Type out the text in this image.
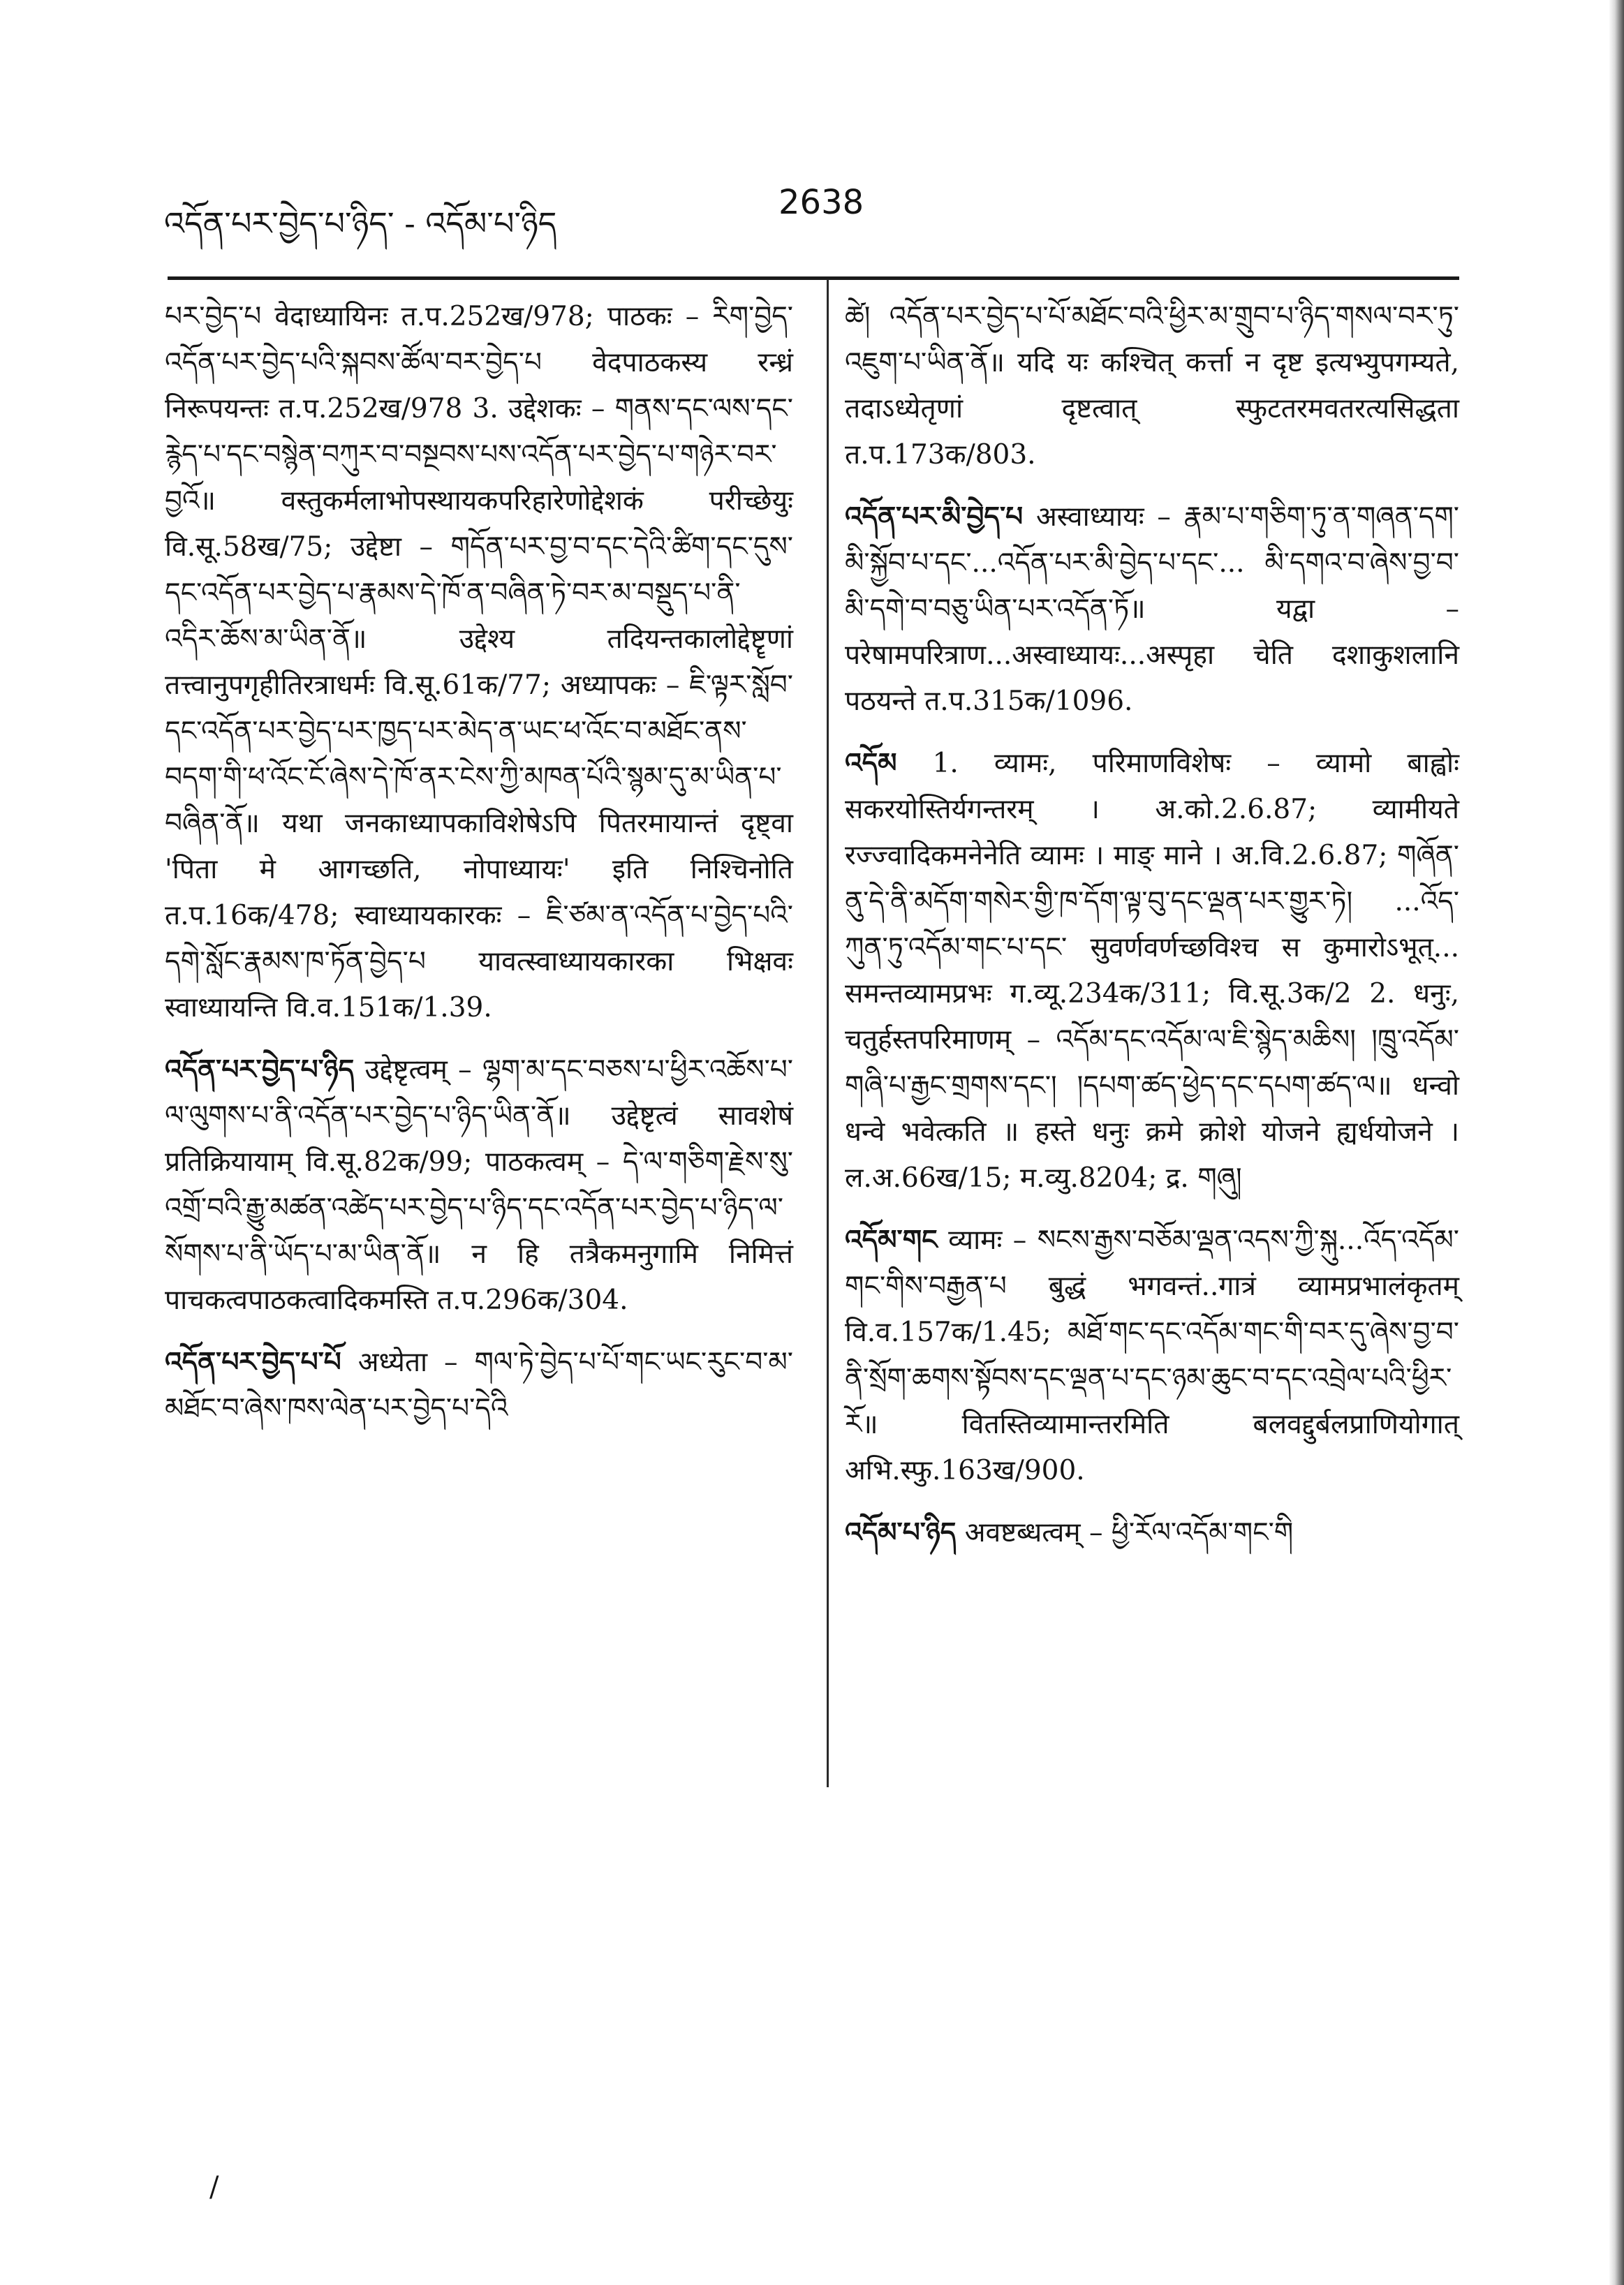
འདོན་པར་བྱེད་པ་ཉིད་ - འདོམ་པ་ཉིད
2638

པར་བྱེད་པ वेदाध्यायिनः त.प.252ख/978; पाठकः – རིག་བྱེད་འདོན་པར་བྱེད་པའི་སྐབས་ཚོལ་བར་བྱེད་པ वेदपाठकस्य रन्ध्रं निरूपयन्तः त.प.252ख/978 3. उद्देशकः – གནས་དང་ལས་དང་རྙེད་པ་དང་བསྙེན་བཀུར་བ་བསྔབས་པས་འདོན་པར་བྱེད་པ་གཉེར་བར་བྱའོ॥ वस्तुकर्मलाभोपस्थायकपरिहारेणोद्देशकं परीच्छेयुः वि.सू.58ख/75; उद्देष्टा – གདོན་པར་བྱ་བ་དང་དེའི་ཚིག་དང་དུས་དང་འདོན་པར་བྱེད་པ་རྣམས་དེ་ཁོ་ན་བཞིན་ཏེ་བར་མ་བསྡུད་པ་ནི་འདིར་ཆོས་མ་ཡིན་ནོ॥ उद्देश्य तदियन्तकालोद्देष्टॄणां तत्त्वानुपगृहीतिरत्राधर्मः वि.सू.61क/77; अध्यापकः – ཇི་ལྟར་སློབ་དང་འདོན་པར་བྱེད་པར་ཁྱད་པར་མེད་ན་ཡང་ཕ་འོང་བ་མཐོང་ནས་བདག་གི་ཕ་འོང་ངོ་ཞེས་དེ་ཁོ་ནར་ངེས་ཀྱི་མཁན་པོའི་སྙམ་དུ་མ་ཡིན་པ་བཞིན་ནོ॥ यथा जनकाध्यापकाविशेषेऽपि पितरमायान्तं दृष्ट्वा 'पिता मे आगच्छति, नोपाध्यायः' इति निश्चिनोति त.प.16क/478; स्वाध्यायकारकः – ཇི་ཙམ་ན་འདོན་པ་བྱེད་པའི་དགེ་སློང་རྣམས་ཁ་ཏོན་བྱེད་པ यावत्स्वाध्यायकारका भिक्षवः स्वाध्यायन्ति वि.व.151क/1.39.

འདོན་པར་བྱེད་པ་ཉིད उद्देष्टृत्वम् – ལྷག་མ་དང་བཅས་པ་ཕྱིར་འཆོས་པ་ལ་ལུགས་པ་ནི་འདོན་པར་བྱེད་པ་ཉིད་ཡིན་ནོ॥ उद्देष्टृत्वं सावशेषं प्रतिक्रियायाम् वि.सू.82क/99; पाठकत्वम् – དེ་ལ་གཅིག་རྗེས་སུ་འགྲོ་བའི་རྒྱུ་མཚན་འཚེད་པར་བྱེད་པ་ཉིད་དང་འདོན་པར་བྱེད་པ་ཉིད་ལ་སོགས་པ་ནི་ཡོད་པ་མ་ཡིན་ནོ॥ न हि तत्रैकमनुगामि निमित्तं पाचकत्वपाठकत्वादिकमस्ति त.प.296क/304.

འདོན་པར་བྱེད་པ་པོ अध्येता – གལ་ཏེ་བྱེད་པ་པོ་གང་ཡང་རུང་བ་མ་མཐོང་བ་ཞེས་ཁས་ལེན་པར་བྱེད་པ་དེའི

ཚེ། འདོན་པར་བྱེད་པ་པོ་མཐོང་བའི་ཕྱིར་མ་གྲུབ་པ་ཉིད་གསལ་བར་ཏུ་འཇུག་པ་ཡིན་ནོ॥ यदि यः कश्चित् कर्त्ता न दृष्ट इत्यभ्युपगम्यते, तदाऽध्येतृणां दृष्टत्वात् स्फुटतरमवतरत्यसिद्धता त.प.173क/803.

འདོན་པར་མི་བྱེད་པ अस्वाध्यायः – རྣམ་པ་གཅིག་ཏུ་ན་གཞན་དག་མི་སྐྱོབ་པ་དང་...འདོན་པར་མི་བྱེད་པ་དང་... མི་དགའ་བ་ཞེས་བྱ་བ་མི་དགེ་བ་བཅུ་ཡིན་པར་འདོན་ཏོ॥ यद्वा – परेषामपरित्राण...अस्वाध्यायः...अस्पृहा चेति दशाकुशलानि पठयन्ते त.प.315क/1096.

འདོམ 1. व्यामः, परिमाणविशेषः – व्यामो बाह्वोः सकरयोस्तिर्यगन्तरम् । अ.को.2.6.87; व्यामीयते रज्ज्वादिकमनेनेति व्यामः । माङ् माने । अ.वि.2.6.87; གཞོན་ནུ་དེ་ནི་མདོག་གསེར་གྱི་ཁ་དོག་ལྟ་བུ་དང་ལྡན་པར་གྱུར་ཏེ། ...འོད་ཀུན་ཏུ་འདོམ་གང་པ་དང་ सुवर्णवर्णच्छविश्च स कुमारोऽभूत्... समन्तव्यामप्रभः ग.व्यू.234क/311; वि.सू.3क/2 2. धनुः, चतुर्हस्तपरिमाणम् – འདོམ་དང་འདོམ་ལ་ཇི་སྙེད་མཆིས། །ཁྲུ་འདོམ་གཞི་པ་རྒྱང་གྲགས་དང་། །དཔག་ཚད་ཕྱེད་དང་དཔག་ཚད་ལ॥ धन्वो धन्वे भवेत्कति ॥ हस्ते धनुः क्रमे क्रोशे योजने ह्यर्धयोजने । ल.अ.66ख/15; म.व्यु.8204; द्र. གཞུ།

འདོམ་གང व्यामः – སངས་རྒྱས་བཅོམ་ལྡན་འདས་ཀྱི་སྐུ...འོད་འདོམ་གང་གིས་བརྒྱན་པ बुद्धं भगवन्तं..गात्रं व्यामप्रभालंकृतम् वि.व.157क/1.45; མཐོ་གང་དང་འདོམ་གང་གི་བར་དུ་ཞེས་བྱ་བ་ནི་སྲོག་ཆགས་སྟོབས་དང་ལྡན་པ་དང་ཉམ་ཆུང་བ་དང་འབྲེལ་པའི་ཕྱིར་རོ॥ वितस्तिव्यामान्तरमिति बलवद्दुर्बलप्राणियोगात् अभि.स्फु.163ख/900.

འདོམ་པ་ཉིད अवष्टब्धत्वम् – ཕྱི་རོལ་འདོམ་གང་གི

/
